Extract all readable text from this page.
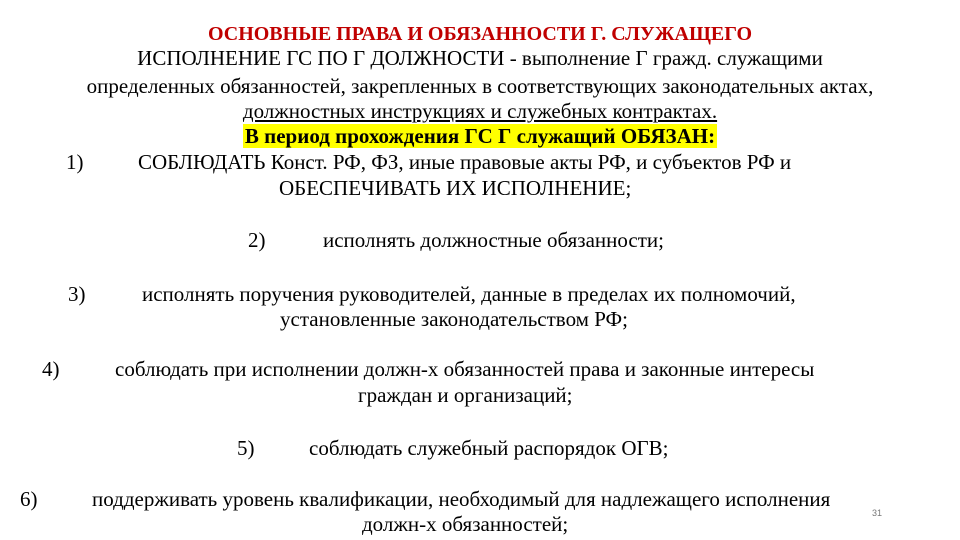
ОСНОВНЫЕ ПРАВА И ОБЯЗАННОСТИ Г. СЛУЖАЩЕГО
ИСПОЛНЕНИЕ ГС ПО Г ДОЛЖНОСТИ - выполнение Г гражд. служащими
определенных обязанностей, закрепленных в соответствующих законодательных актах,
должностных инструкциях и служебных контрактах.
В период прохождения ГС Г служащий ОБЯЗАН:
1)	СОБЛЮДАТЬ Конст. РФ, ФЗ, иные правовые акты РФ, и субъектов РФ и
ОБЕСПЕЧИВАТЬ ИХ ИСПОЛНЕНИЕ;
2)	исполнять должностные обязанности;
3)	исполнять поручения руководителей, данные в пределах их полномочий,
установленные законодательством РФ;
4)	соблюдать при исполнении должн-х обязанностей права и законные интересы
граждан и организаций;
5)	соблюдать служебный распорядок ОГВ;
6)	поддерживать уровень квалификации, необходимый для надлежащего исполнения
должн-х обязанностей;	31
